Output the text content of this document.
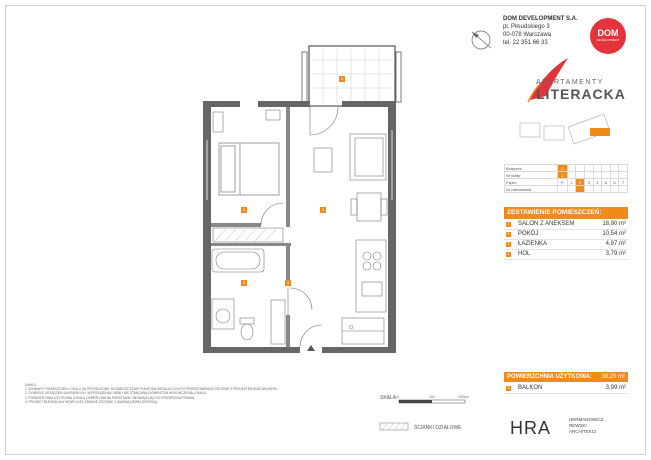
5
1
2
3	4
DOM DEVELOPMENT S.A.
pl. Piłsudskiego 3
00-078 Warszawa
tel. 22 351 66 33
DOM
DEVELOPMENT
APARTAMENTY
LITERACKA
Budynek	C							
Nr klatki	1							
Piętro	P	1	2	3	4	5	6	7
Nr mieszkania								
ZESTAWIENIE POMIESZCZEŃ:
1 SALON Z ANEKSEM	18,90 m²
2 POKÓJ	10,54 m²
3 ŁAZIENKA	4,97 m²
4 HOL	3,79 m²
POWIERZCHNIA UŻYTKOWA: 38,20 m²
5 BALKON	3,99 m²
UWAGI:
1. WYMIARY POMIESZCZEŃ LOKALU SĄ PRZYBLIŻONE. ROZMIESZCZENIE PUNKTÓW INSTALACYJNYCH PRZEDSTAWIONO ZGODNIE Z PROJEKTEM BUDOWLANYM.
2. SYMBOLE URZĄDZEŃ SANITARNYCH, WYPOSAŻENIA I MEBLI NIE STANOWIĄ ELEMENTÓW WYKOŃCZENIA LOKALU.
3. POWIERZCHNIA UŻYTKOWA LOKALU OKREŚLONA NA PODSTAWIE OBOWIĄZUJĄCYCH PRZEPISÓW PRAWA.
4. PROJEKT BUDOWLANY MOŻE ULEC ZMIANIE ZGODNIE Z UMOWĄ DEWELOPERSKĄ.
SKALA: 0	100	200cm
ŚCIANKI DZIAŁOWE	HRA	HERMANOWICZ
RÉWSKI
ARCHITEKCI
